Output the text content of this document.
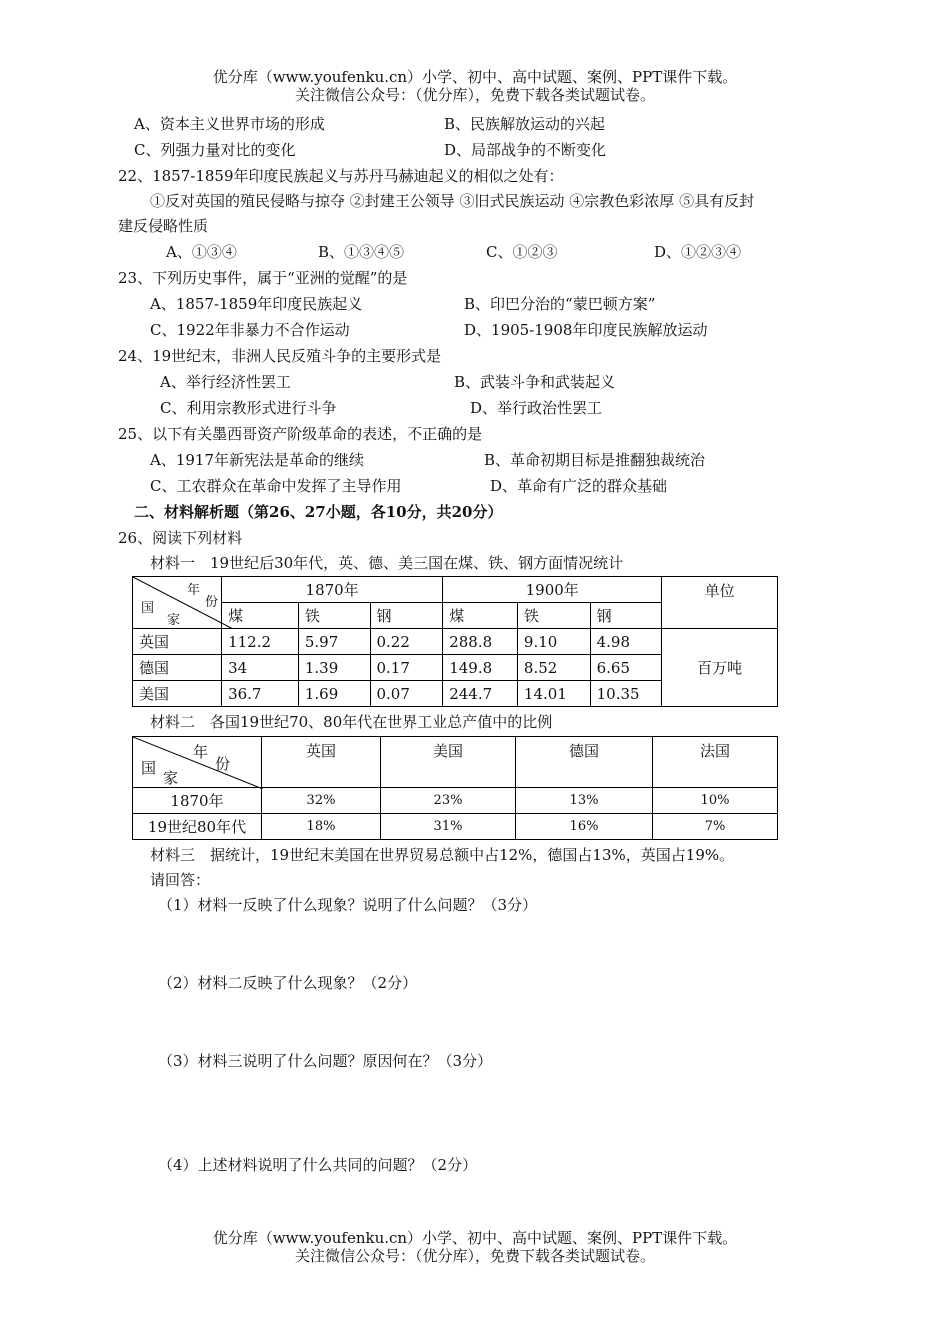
优分库（www.youfenku.cn）小学、初中、高中试题、案例、PPT课件下载。
关注微信公众号：（优分库），免费下载各类试题试卷。
A、资本主义世界市场的形成	B、民族解放运动的兴起
C、列强力量对比的变化	D、局部战争的不断变化
22、1857-1859年印度民族起义与苏丹马赫迪起义的相似之处有：
①反对英国的殖民侵略与掠夺 ②封建王公领导 ③旧式民族运动 ④宗教色彩浓厚 ⑤具有反封
建反侵略性质
A、①③④	B、①③④⑤	C、①②③	D、①②③④
23、下列历史事件，属于“亚洲的觉醒”的是
A、1857-1859年印度民族起义	B、印巴分治的“蒙巴顿方案”
C、1922年非暴力不合作运动	D、1905-1908年印度民族解放运动
24、19世纪末，非洲人民反殖斗争的主要形式是
A、举行经济性罢工	B、武装斗争和武装起义
C、利用宗教形式进行斗争	D、举行政治性罢工
25、以下有关墨西哥资产阶级革命的表述，不正确的是
A、1917年新宪法是革命的继续	B、革命初期目标是推翻独裁统治
C、工农群众在革命中发挥了主导作用	D、革命有广泛的群众基础
二、材料解析题（第26、27小题，各10分，共20分）
26、阅读下列材料
材料一　19世纪后30年代，英、德、美三国在煤、铁、钢方面情况统计
年
份
国
家	1870年			1900年			单位
	煤	铁	钢	煤	铁	钢	
英国	112.2	5.97	0.22	288.8	9.10	4.98	百万吨
德国	34	1.39	0.17	149.8	8.52	6.65	
美国	36.7	1.69	0.07	244.7	14.01	10.35	
材料二　各国19世纪70、80年代在世界工业总产值中的比例
年
份
国
家	英国	美国	德国	法国
1870年	32%	23%	13%	10%
19世纪80年代	18%	31%	16%	7%
材料三　据统计，19世纪末美国在世界贸易总额中占12%，德国占13%，英国占19%。
请回答：
（1）材料一反映了什么现象？说明了什么问题？（3分）
（2）材料二反映了什么现象？（2分）
（3）材料三说明了什么问题？原因何在？（3分）
（4）上述材料说明了什么共同的问题？（2分）
优分库（www.youfenku.cn）小学、初中、高中试题、案例、PPT课件下载。
关注微信公众号：（优分库），免费下载各类试题试卷。
